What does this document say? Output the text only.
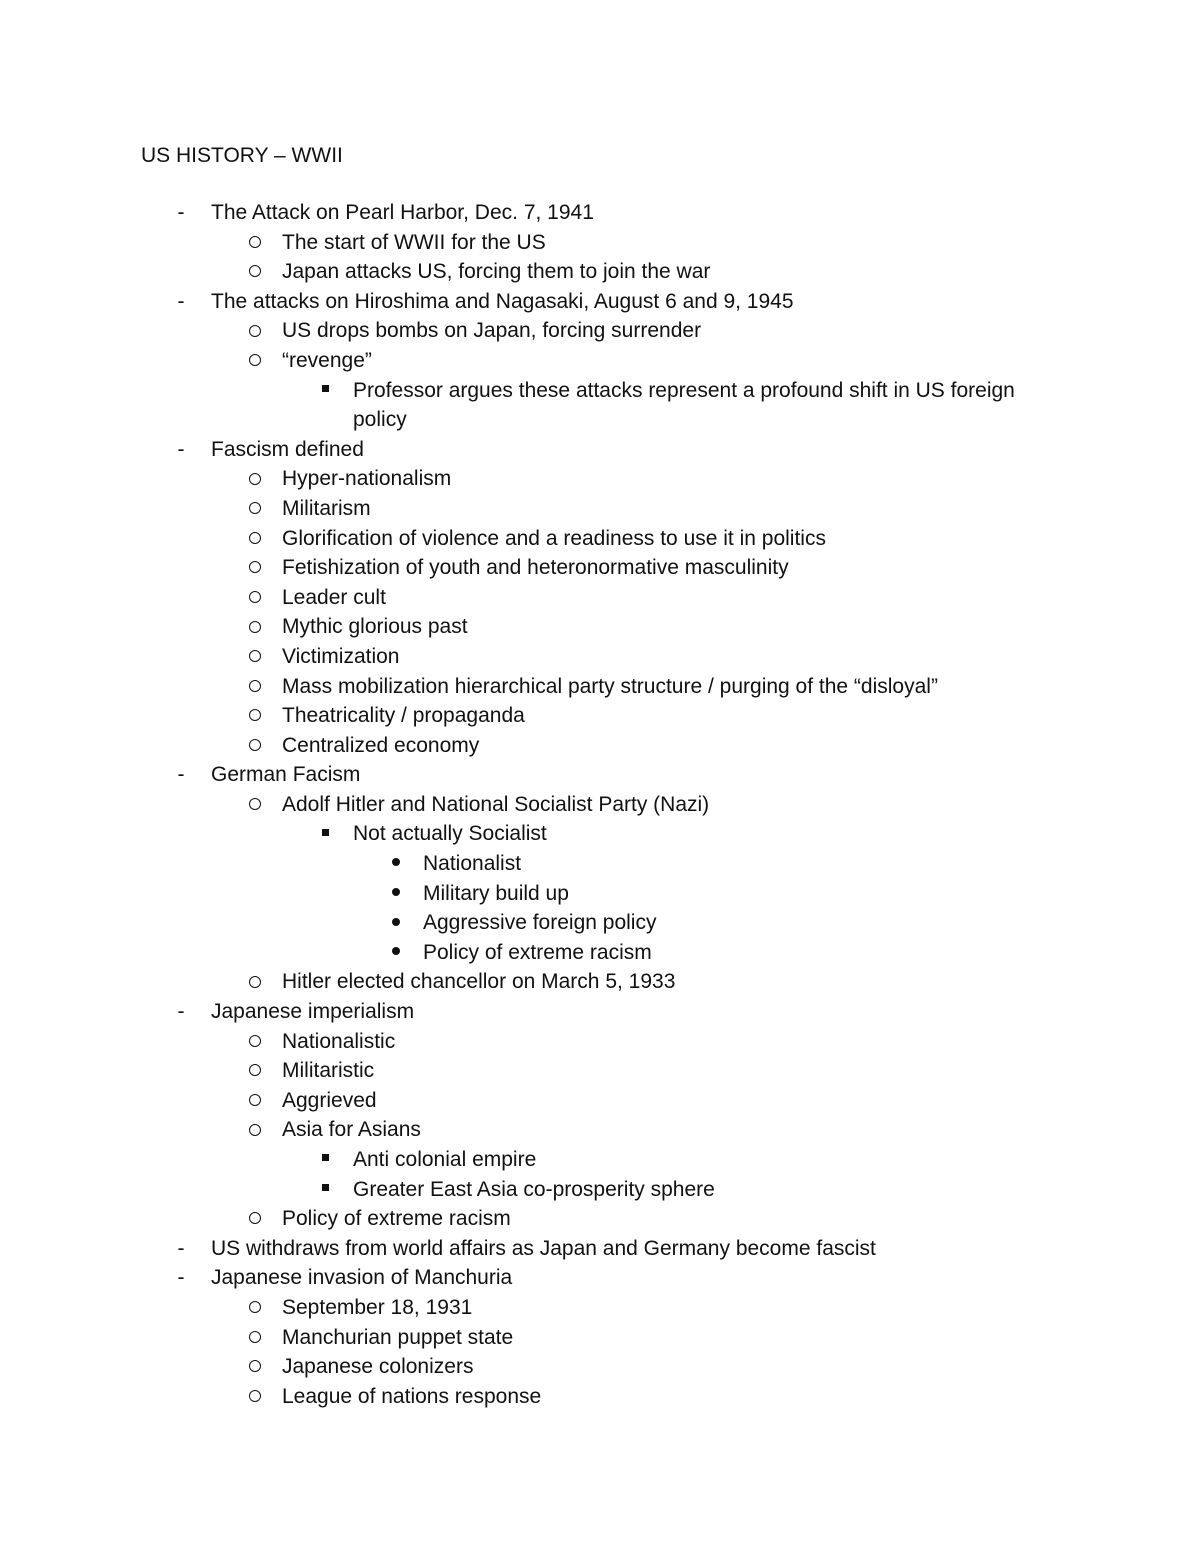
US HISTORY – WWII
-	The Attack on Pearl Harbor, Dec. 7, 1941
The start of WWII for the US
Japan attacks US, forcing them to join the war
-	The attacks on Hiroshima and Nagasaki, August 6 and 9, 1945
US drops bombs on Japan, forcing surrender
“revenge”
Professor argues these attacks represent a profound shift in US foreign policy
-	Fascism defined
Hyper-nationalism
Militarism
Glorification of violence and a readiness to use it in politics
Fetishization of youth and heteronormative masculinity
Leader cult
Mythic glorious past
Victimization
Mass mobilization hierarchical party structure / purging of the “disloyal”
Theatricality / propaganda
Centralized economy
-	German Facism
Adolf Hitler and National Socialist Party (Nazi)
Not actually Socialist
Nationalist
Military build up
Aggressive foreign policy
Policy of extreme racism
Hitler elected chancellor on March 5, 1933
-	Japanese imperialism
Nationalistic
Militaristic
Aggrieved
Asia for Asians
Anti colonial empire
Greater East Asia co-prosperity sphere
Policy of extreme racism
-	US withdraws from world affairs as Japan and Germany become fascist
-	Japanese invasion of Manchuria
September 18, 1931
Manchurian puppet state
Japanese colonizers
League of nations response
